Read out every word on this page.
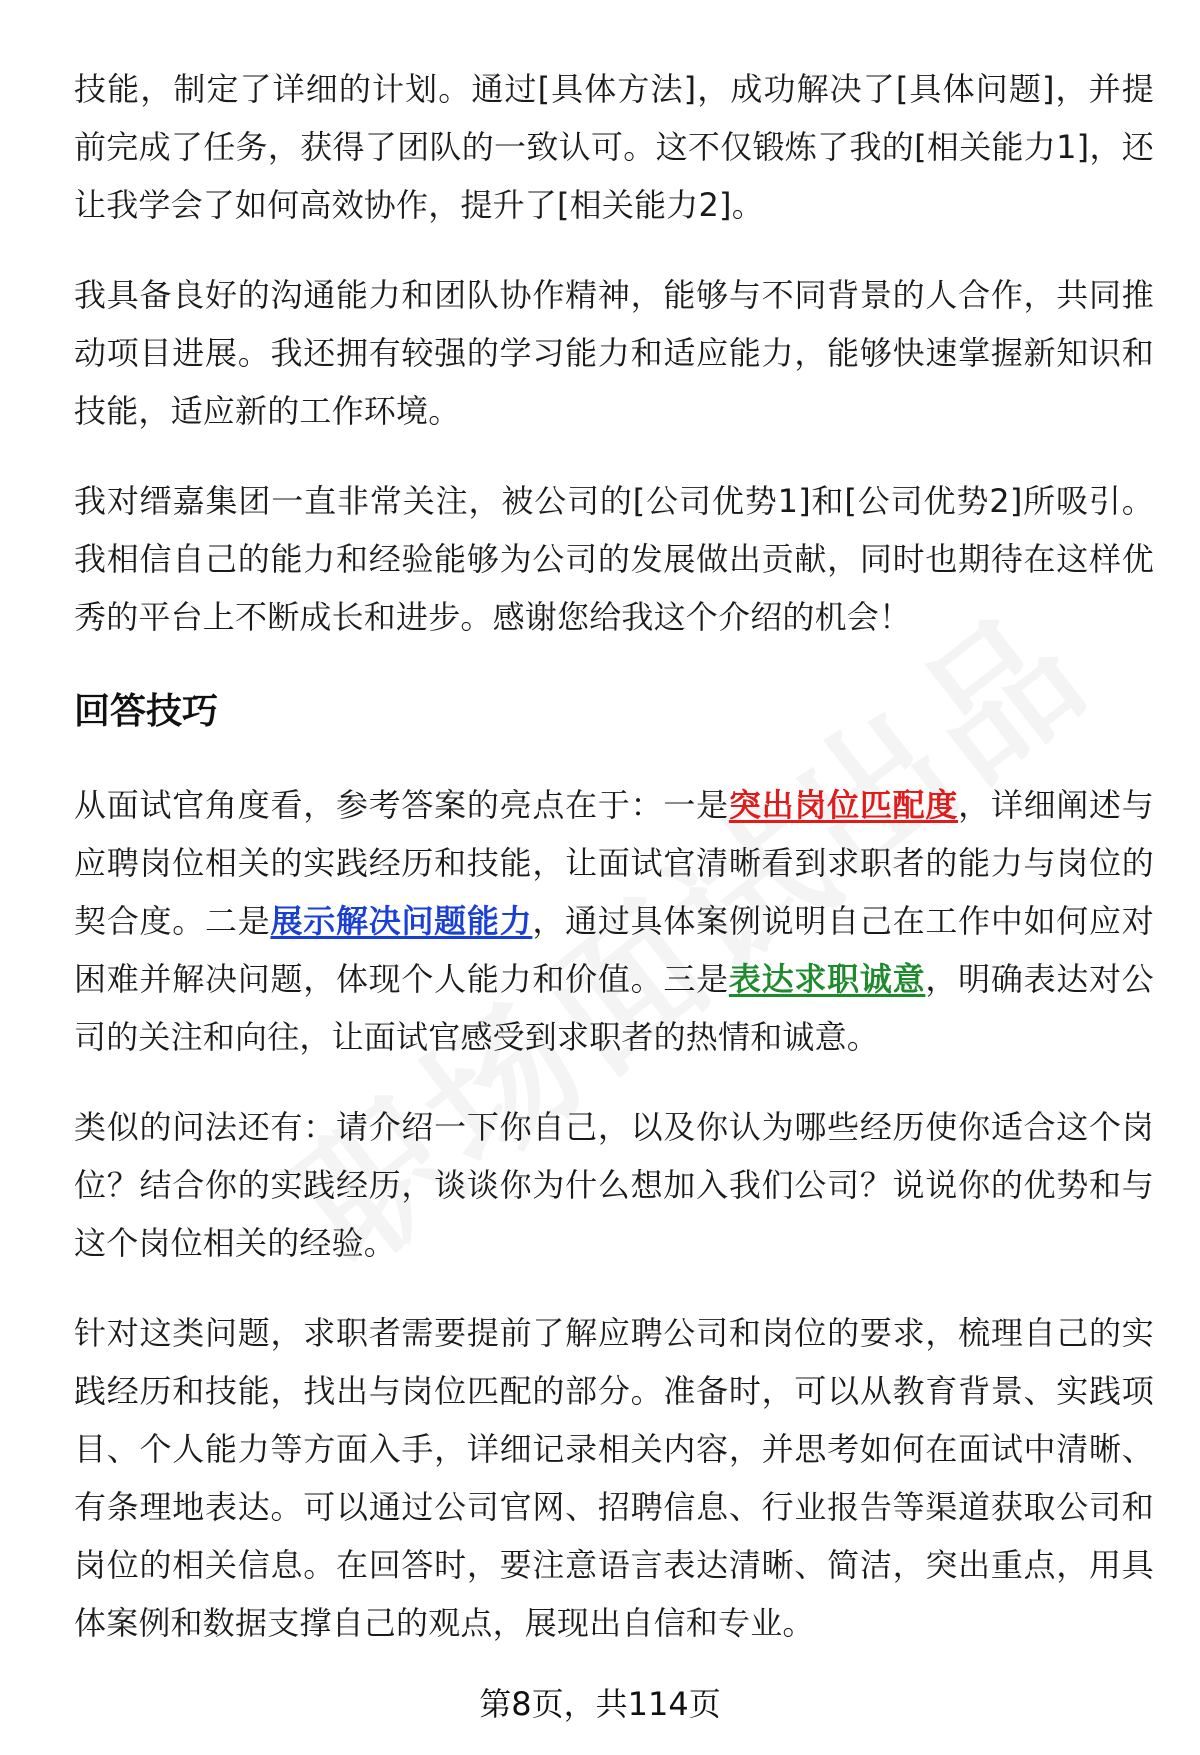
技能，制定了详细的计划。通过[具体方法]，成功解决了[具体问题]，并提前完成了任务，获得了团队的一致认可。这不仅锻炼了我的[相关能力1]，还让我学会了如何高效协作，提升了[相关能力2]。

我具备良好的沟通能力和团队协作精神，能够与不同背景的人合作，共同推动项目进展。我还拥有较强的学习能力和适应能力，能够快速掌握新知识和技能，适应新的工作环境。

我对缙嘉集团一直非常关注，被公司的[公司优势1]和[公司优势2]所吸引。我相信自己的能力和经验能够为公司的发展做出贡献，同时也期待在这样优秀的平台上不断成长和进步。感谢您给我这个介绍的机会！

回答技巧

从面试官角度看，参考答案的亮点在于：一是突出岗位匹配度，详细阐述与应聘岗位相关的实践经历和技能，让面试官清晰看到求职者的能力与岗位的契合度。二是展示解决问题能力，通过具体案例说明自己在工作中如何应对困难并解决问题，体现个人能力和价值。三是表达求职诚意，明确表达对公司的关注和向往，让面试官感受到求职者的热情和诚意。

类似的问法还有：请介绍一下你自己，以及你认为哪些经历使你适合这个岗位？结合你的实践经历，谈谈你为什么想加入我们公司？说说你的优势和与这个岗位相关的经验。

针对这类问题，求职者需要提前了解应聘公司和岗位的要求，梳理自己的实践经历和技能，找出与岗位匹配的部分。准备时，可以从教育背景、实践项目、个人能力等方面入手，详细记录相关内容，并思考如何在面试中清晰、有条理地表达。可以通过公司官网、招聘信息、行业报告等渠道获取公司和岗位的相关信息。在回答时，要注意语言表达清晰、简洁，突出重点，用具体案例和数据支撑自己的观点，展现出自信和专业。

第8页，共114页
